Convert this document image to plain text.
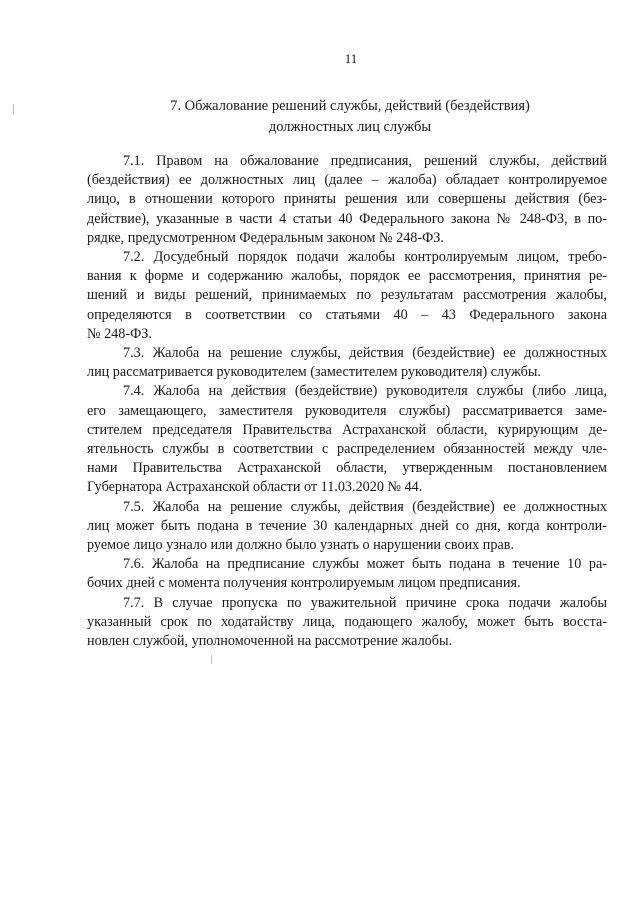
11
7. Обжалование решений службы, действий (бездействия)
должностных лиц службы

7.1. Правом на обжалование предписания, решений службы, действий
(бездействия) ее должностных лиц (далее – жалоба) обладает контролируемое
лицо, в отношении которого приняты решения или совершены действия (без-
действие), указанные в части 4 статьи 40 Федерального закона № 248-ФЗ, в по-
рядке, предусмотренном Федеральным законом № 248-ФЗ.

7.2. Досудебный порядок подачи жалобы контролируемым лицом, требо-
вания к форме и содержанию жалобы, порядок ее рассмотрения, принятия ре-
шений и виды решений, принимаемых по результатам рассмотрения жалобы,
определяются в соответствии со статьями 40 – 43 Федерального закона
№ 248-ФЗ.

7.3. Жалоба на решение службы, действия (бездействие) ее должностных
лиц рассматривается руководителем (заместителем руководителя) службы.

7.4. Жалоба на действия (бездействие) руководителя службы (либо лица,
его замещающего, заместителя руководителя службы) рассматривается заме-
стителем председателя Правительства Астраханской области, курирующим де-
ятельность службы в соответствии с распределением обязанностей между чле-
нами Правительства Астраханской области, утвержденным постановлением
Губернатора Астраханской области от 11.03.2020 № 44.

7.5. Жалоба на решение службы, действия (бездействие) ее должностных
лиц может быть подана в течение 30 календарных дней со дня, когда контроли-
руемое лицо узнало или должно было узнать о нарушении своих прав.

7.6. Жалоба на предписание службы может быть подана в течение 10 ра-
бочих дней с момента получения контролируемым лицом предписания.

7.7. В случае пропуска по уважительной причине срока подачи жалобы
указанный срок по ходатайству лица, подающего жалобу, может быть восста-
новлен службой, уполномоченной на рассмотрение жалобы.
